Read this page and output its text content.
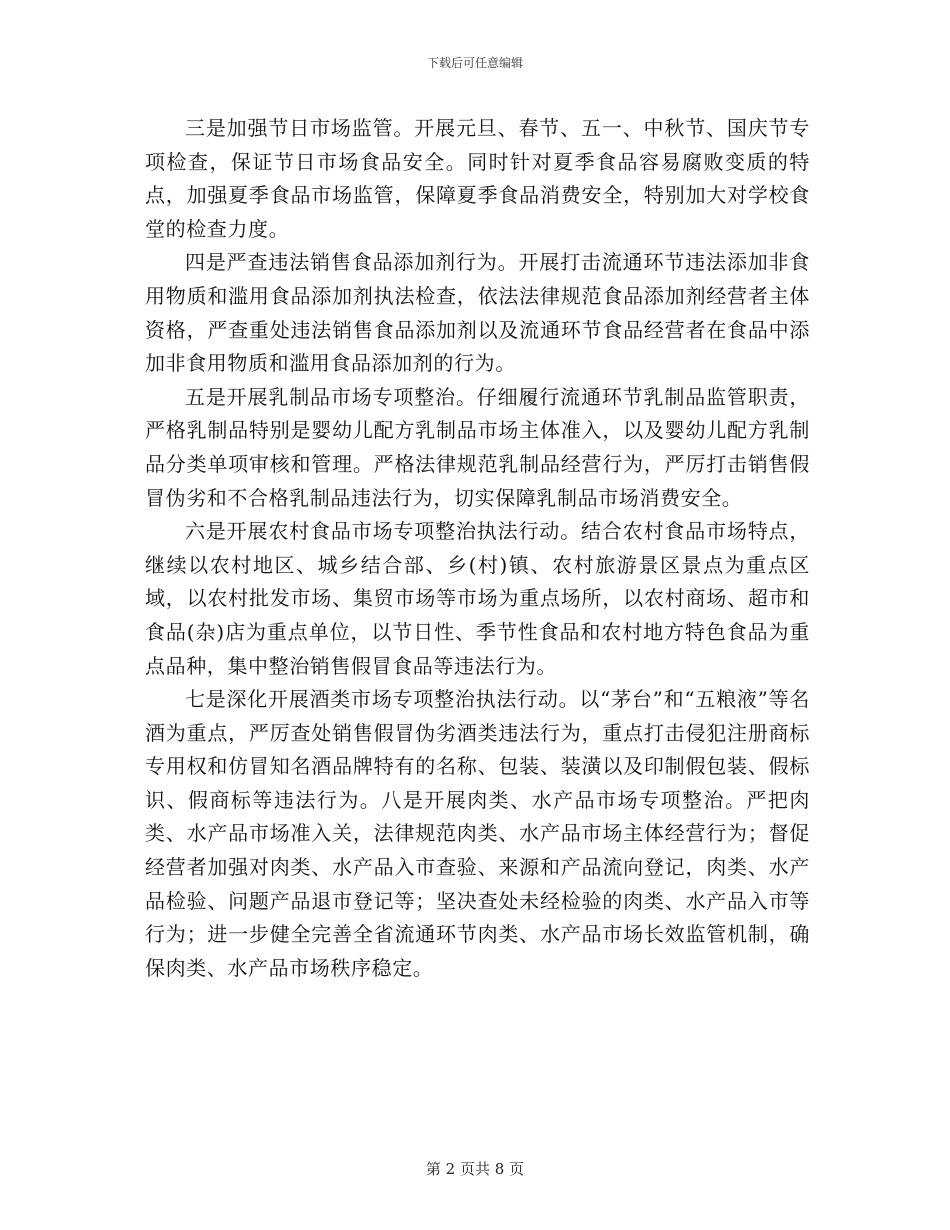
下载后可任意编辑

三是加强节日市场监管。开展元旦、春节、五一、中秋节、国庆节专项检查，保证节日市场食品安全。同时针对夏季食品容易腐败变质的特点，加强夏季食品市场监管，保障夏季食品消费安全，特别加大对学校食堂的检查力度。

四是严查违法销售食品添加剂行为。开展打击流通环节违法添加非食用物质和滥用食品添加剂执法检查，依法法律规范食品添加剂经营者主体资格，严查重处违法销售食品添加剂以及流通环节食品经营者在食品中添加非食用物质和滥用食品添加剂的行为。

五是开展乳制品市场专项整治。仔细履行流通环节乳制品监管职责，严格乳制品特别是婴幼儿配方乳制品市场主体准入，以及婴幼儿配方乳制品分类单项审核和管理。严格法律规范乳制品经营行为，严厉打击销售假冒伪劣和不合格乳制品违法行为，切实保障乳制品市场消费安全。

六是开展农村食品市场专项整治执法行动。结合农村食品市场特点，继续以农村地区、城乡结合部、乡(村)镇、农村旅游景区景点为重点区域，以农村批发市场、集贸市场等市场为重点场所，以农村商场、超市和食品(杂)店为重点单位，以节日性、季节性食品和农村地方特色食品为重点品种，集中整治销售假冒食品等违法行为。

七是深化开展酒类市场专项整治执法行动。以“茅台”和“五粮液”等名酒为重点，严厉查处销售假冒伪劣酒类违法行为，重点打击侵犯注册商标专用权和仿冒知名酒品牌特有的名称、包装、装潢以及印制假包装、假标识、假商标等违法行为。八是开展肉类、水产品市场专项整治。严把肉类、水产品市场准入关，法律规范肉类、水产品市场主体经营行为；督促经营者加强对肉类、水产品入市查验、来源和产品流向登记，肉类、水产品检验、问题产品退市登记等；坚决查处未经检验的肉类、水产品入市等行为；进一步健全完善全省流通环节肉类、水产品市场长效监管机制，确保肉类、水产品市场秩序稳定。

第 2 页共 8 页
